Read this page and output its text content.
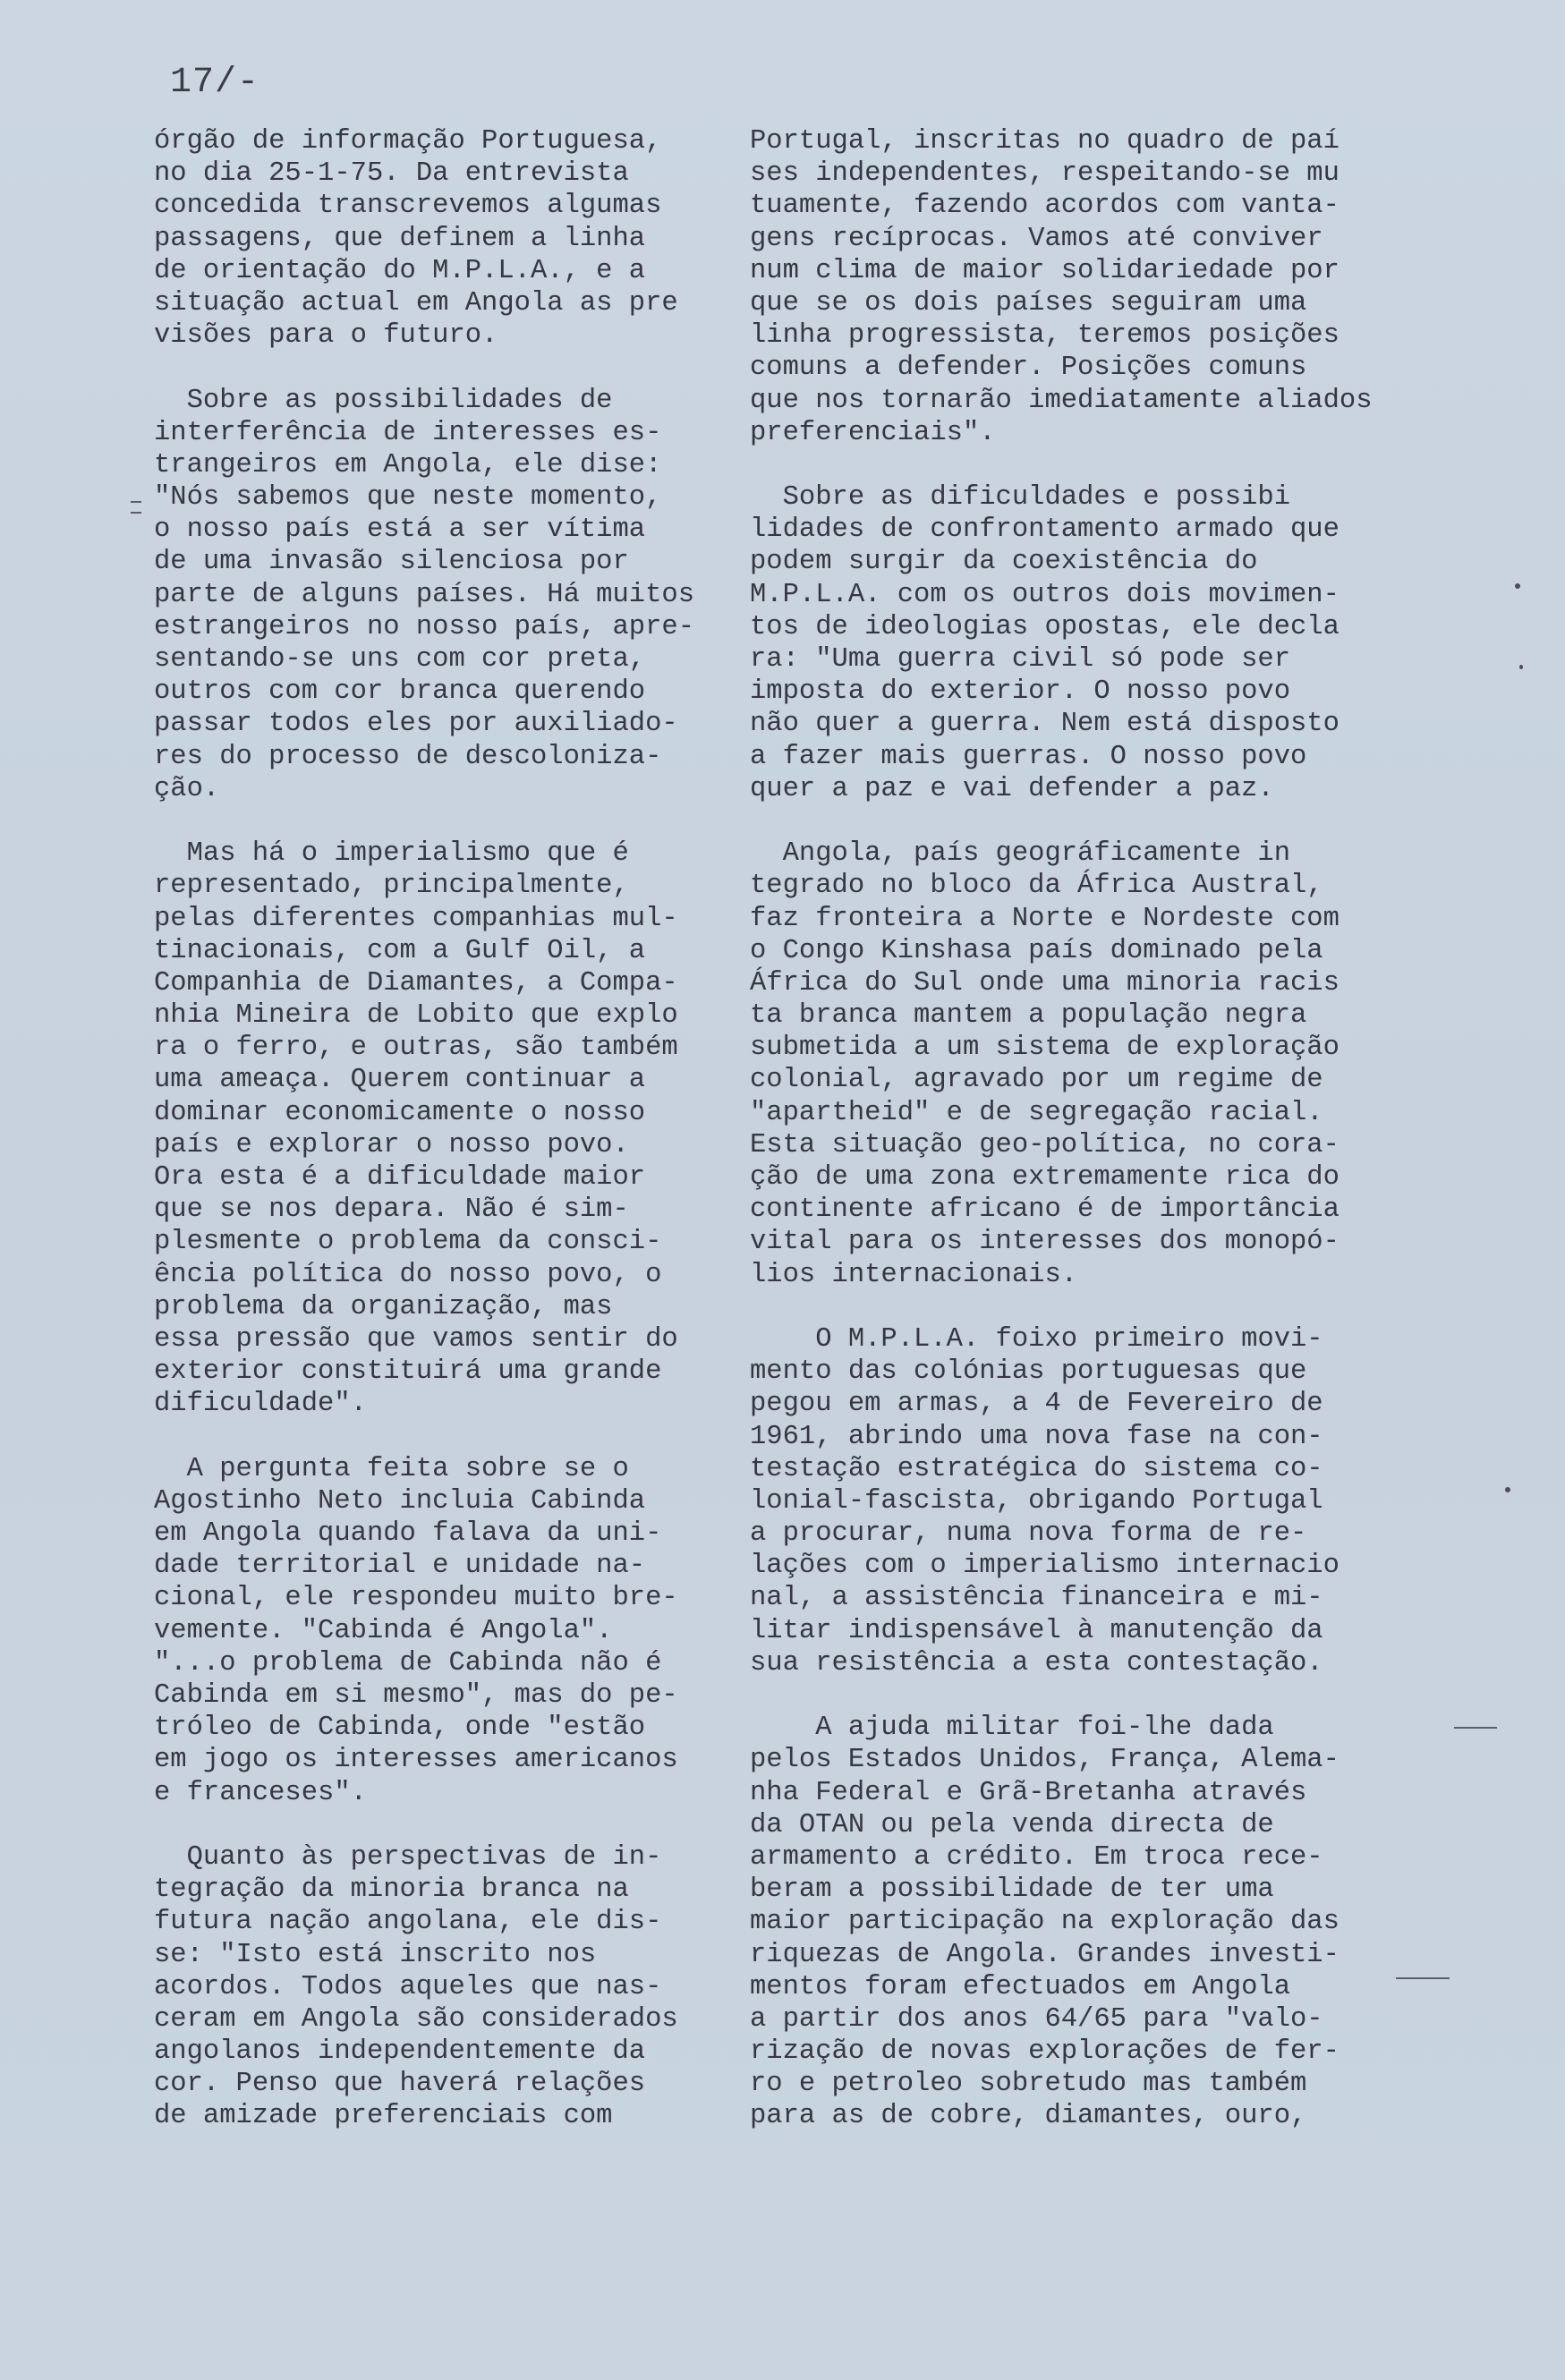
17/-
órgão de informação Portuguesa,
no dia 25-1-75. Da entrevista
concedida transcrevemos algumas
passagens, que definem a linha
de orientação do M.P.L.A., e a
situação actual em Angola as pre
visões para o futuro.
Sobre as possibilidades de
interferência de interesses es-
trangeiros em Angola, ele dise:
"Nós sabemos que neste momento,
o nosso país está a ser vítima
de uma invasão silenciosa por
parte de alguns países. Há muitos
estrangeiros no nosso país, apre-
sentando-se uns com cor preta,
outros com cor branca querendo
passar todos eles por auxiliado-
res do processo de descoloniza-
ção.
Mas há o imperialismo que é
representado, principalmente,
pelas diferentes companhias mul-
tinacionais, com a Gulf Oil, a
Companhia de Diamantes, a Compa-
nhia Mineira de Lobito que explo
ra o ferro, e outras, são também
uma ameaça. Querem continuar a
dominar economicamente o nosso
país e explorar o nosso povo.
Ora esta é a dificuldade maior
que se nos depara. Não é sim-
plesmente o problema da consci-
ência política do nosso povo, o
problema da organização, mas
essa pressão que vamos sentir do
exterior constituirá uma grande
dificuldade".
A pergunta feita sobre se o
Agostinho Neto incluia Cabinda
em Angola quando falava da uni-
dade territorial e unidade na-
cional, ele respondeu muito bre-
vemente. "Cabinda é Angola".
"...o problema de Cabinda não é
Cabinda em si mesmo", mas do pe-
tróleo de Cabinda, onde "estão
em jogo os interesses americanos
e franceses".
Quanto às perspectivas de in-
tegração da minoria branca na
futura nação angolana, ele dis-
se: "Isto está inscrito nos
acordos. Todos aqueles que nas-
ceram em Angola são considerados
angolanos independentemente da
cor. Penso que haverá relações
de amizade preferenciais com
Portugal, inscritas no quadro de paí
ses independentes, respeitando-se mu
tuamente, fazendo acordos com vanta-
gens recíprocas. Vamos até conviver
num clima de maior solidariedade por
que se os dois países seguiram uma
linha progressista, teremos posições
comuns a defender. Posições comuns
que nos tornarão imediatamente aliados
preferenciais".
Sobre as dificuldades e possibi
lidades de confrontamento armado que
podem surgir da coexistência do
M.P.L.A. com os outros dois movimen-
tos de ideologias opostas, ele decla
ra: "Uma guerra civil só pode ser
imposta do exterior. O nosso povo
não quer a guerra. Nem está disposto
a fazer mais guerras. O nosso povo
quer a paz e vai defender a paz.
Angola, país geográficamente in
tegrado no bloco da África Austral,
faz fronteira a Norte e Nordeste com
o Congo Kinshasa país dominado pela
África do Sul onde uma minoria racis
ta branca mantem a população negra
submetida a um sistema de exploração
colonial, agravado por um regime de
"apartheid" e de segregação racial.
Esta situação geo-política, no cora-
ção de uma zona extremamente rica do
continente africano é de importância
vital para os interesses dos monopó-
lios internacionais.
O M.P.L.A. foixo primeiro movi-
mento das colónias portuguesas que
pegou em armas, a 4 de Fevereiro de
1961, abrindo uma nova fase na con-
testação estratégica do sistema co-
lonial-fascista, obrigando Portugal
a procurar, numa nova forma de re-
lações com o imperialismo internacio
nal, a assistência financeira e mi-
litar indispensável à manutenção da
sua resistência a esta contestação.
A ajuda militar foi-lhe dada
pelos Estados Unidos, França, Alema-
nha Federal e Grã-Bretanha através
da OTAN ou pela venda directa de
armamento a crédito. Em troca rece-
beram a possibilidade de ter uma
maior participação na exploração das
riquezas de Angola. Grandes investi-
mentos foram efectuados em Angola
a partir dos anos 64/65 para "valo-
rização de novas explorações de fer-
ro e petroleo sobretudo mas também
para as de cobre, diamantes, ouro,
